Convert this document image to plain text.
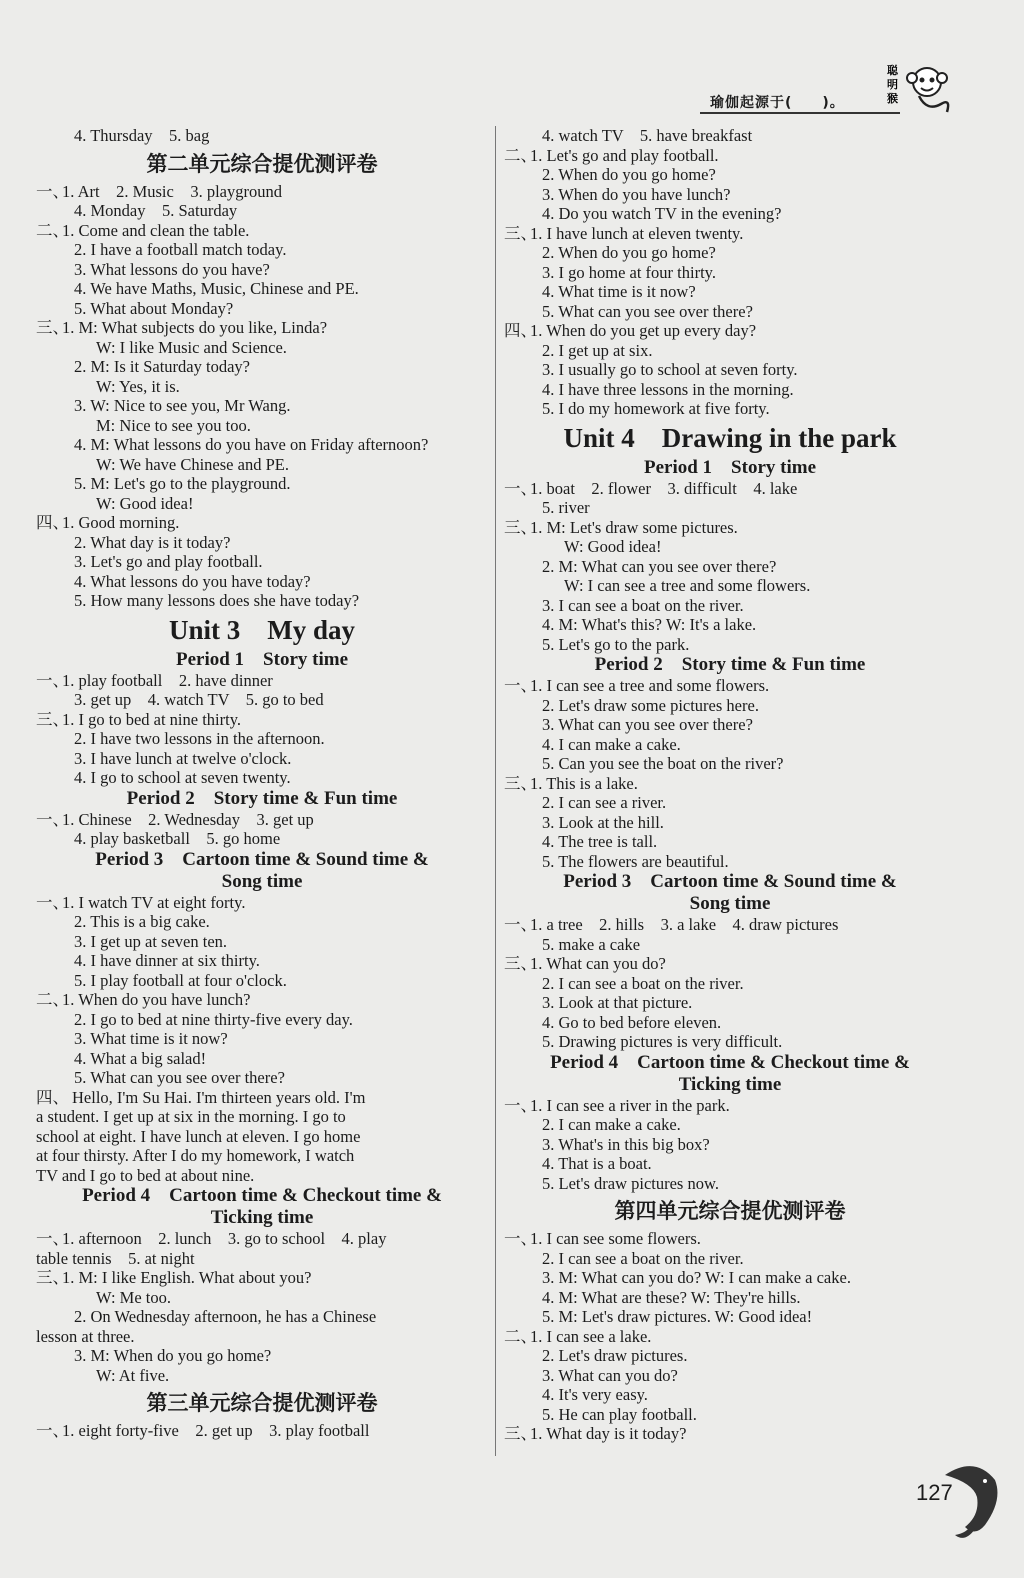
瑜伽起源于(　　)。
聪
明
猴
4. Thursday　5. bag
第二单元综合提优测评卷
一、
1. Art　2. Music　3. playground
4. Monday　5. Saturday
二、
1. Come and clean the table.
2. I have a football match today.
3. What lessons do you have?
4. We have Maths, Music, Chinese and PE.
5. What about Monday?
三、
1. M: What subjects do you like, Linda?
W: I like Music and Science.
2. M: Is it Saturday today?
W: Yes, it is.
3. W: Nice to see you, Mr Wang.
M: Nice to see you too.
4. M: What lessons do you have on Friday afternoon?
W: We have Chinese and PE.
5. M: Let's go to the playground.
W: Good idea!
四、
1. Good morning.
2. What day is it today?
3. Let's go and play football.
4. What lessons do you have today?
5. How many lessons does she have today?
Unit 3　My day
Period 1　Story time
一、
1. play football　2. have dinner
3. get up　4. watch TV　5. go to bed
三、
1. I go to bed at nine thirty.
2. I have two lessons in the afternoon.
3. I have lunch at twelve o'clock.
4. I go to school at seven twenty.
Period 2　Story time & Fun time
一、
1. Chinese　2. Wednesday　3. get up
4. play basketball　5. go home
Period 3　Cartoon time & Sound time &
Song time
一、
1. I watch TV at eight forty.
2. This is a big cake.
3. I get up at seven ten.
4. I have dinner at six thirty.
5. I play football at four o'clock.
二、
1. When do you have lunch?
2. I go to bed at nine thirty-five every day.
3. What time is it now?
4. What a big salad!
5. What can you see over there?
四、 Hello, I'm Su Hai. I'm thirteen years old. I'm
a student. I get up at six in the morning. I go to
school at eight. I have lunch at eleven. I go home
at four thirsty. After I do my homework, I watch
TV and I go to bed at about nine.
Period 4　Cartoon time & Checkout time &
Ticking time
一、
1. afternoon　2. lunch　3. go to school　4. play
table tennis　5. at night
三、
1. M: I like English. What about you?
W: Me too.
2. On Wednesday afternoon, he has a Chinese
lesson at three.
3. M: When do you go home?
W: At five.
第三单元综合提优测评卷
一、
1. eight forty-five　2. get up　3. play football
4. watch TV　5. have breakfast
二、
1. Let's go and play football.
2. When do you go home?
3. When do you have lunch?
4. Do you watch TV in the evening?
三、
1. I have lunch at eleven twenty.
2. When do you go home?
3. I go home at four thirty.
4. What time is it now?
5. What can you see over there?
四、
1. When do you get up every day?
2. I get up at six.
3. I usually go to school at seven forty.
4. I have three lessons in the morning.
5. I do my homework at five forty.
Unit 4　Drawing in the park
Period 1　Story time
一、
1. boat　2. flower　3. difficult　4. lake
5. river
三、
1. M: Let's draw some pictures.
W: Good idea!
2. M: What can you see over there?
W: I can see a tree and some flowers.
3. I can see a boat on the river.
4. M: What's this? W: It's a lake.
5. Let's go to the park.
Period 2　Story time & Fun time
一、
1. I can see a tree and some flowers.
2. Let's draw some pictures here.
3. What can you see over there?
4. I can make a cake.
5. Can you see the boat on the river?
三、
1. This is a lake.
2. I can see a river.
3. Look at the hill.
4. The tree is tall.
5. The flowers are beautiful.
Period 3　Cartoon time & Sound time &
Song time
一、
1. a tree　2. hills　3. a lake　4. draw pictures
5. make a cake
三、
1. What can you do?
2. I can see a boat on the river.
3. Look at that picture.
4. Go to bed before eleven.
5. Drawing pictures is very difficult.
Period 4　Cartoon time & Checkout time &
Ticking time
一、
1. I can see a river in the park.
2. I can make a cake.
3. What's in this big box?
4. That is a boat.
5. Let's draw pictures now.
第四单元综合提优测评卷
一、
1. I can see some flowers.
2. I can see a boat on the river.
3. M: What can you do? W: I can make a cake.
4. M: What are these? W: They're hills.
5. M: Let's draw pictures. W: Good idea!
二、
1. I can see a lake.
2. Let's draw pictures.
3. What can you do?
4. It's very easy.
5. He can play football.
三、
1. What day is it today?
127
